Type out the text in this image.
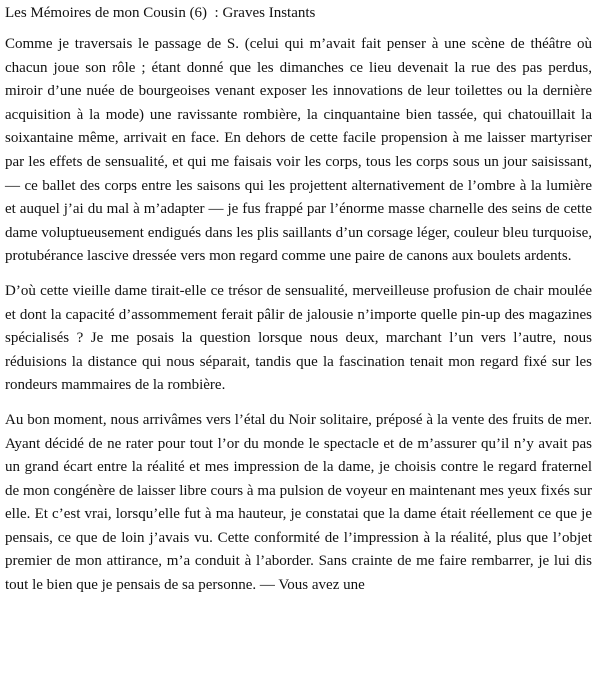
Les Mémoires de mon Cousin (6)  : Graves Instants

Comme je traversais le passage de S. (celui qui m’avait fait penser à une scène de théâtre où chacun joue son rôle ; étant donné que les dimanches ce lieu devenait la rue des pas perdus, miroir d’une nuée de bourgeoises venant exposer les innovations de leur toilettes ou la dernière acquisition à la mode) une ravissante rombière, la cinquantaine bien tassée, qui chatouillait la soixantaine même, arrivait en face. En dehors de cette facile propension à me laisser martyriser par les effets de sensualité, et qui me faisais voir les corps, tous les corps sous un jour saisissant, — ce ballet des corps entre les saisons qui les projettent alternativement de l’ombre à la lumière et auquel j’ai du mal à m’adapter — je fus frappé par l’énorme masse charnelle des seins de cette dame voluptueusement endigués dans les plis saillants d’un corsage léger, couleur bleu turquoise, protubérance lascive dressée vers mon regard comme une paire de canons aux boulets ardents.

D’où cette vieille dame tirait-elle ce trésor de sensualité, merveilleuse profusion de chair moulée et dont la capacité d’assommement ferait pâlir de jalousie n’importe quelle pin-up des magazines spécialisés ? Je me posais la question lorsque nous deux, marchant l’un vers l’autre, nous réduisions la distance qui nous séparait, tandis que la fascination tenait mon regard fixé sur les rondeurs mammaires de la rombière.

Au bon moment, nous arrivâmes vers l’étal du Noir solitaire, préposé à la vente des fruits de mer. Ayant décidé de ne rater pour tout l’or du monde le spectacle et de m’assurer qu’il n’y avait pas un grand écart entre la réalité et mes impression de la dame, je choisis contre le regard fraternel de mon congénère de laisser libre cours à ma pulsion de voyeur en maintenant mes yeux fixés sur elle. Et c’est vrai, lorsqu’elle fut à ma hauteur, je constatai que la dame était réellement ce que je pensais, ce que de loin j’avais vu. Cette conformité de l’impression à la réalité, plus que l’objet premier de mon attirance, m’a conduit à l’aborder. Sans crainte de me faire rembarrer, je lui dis tout le bien que je pensais de sa personne. — Vous avez une
